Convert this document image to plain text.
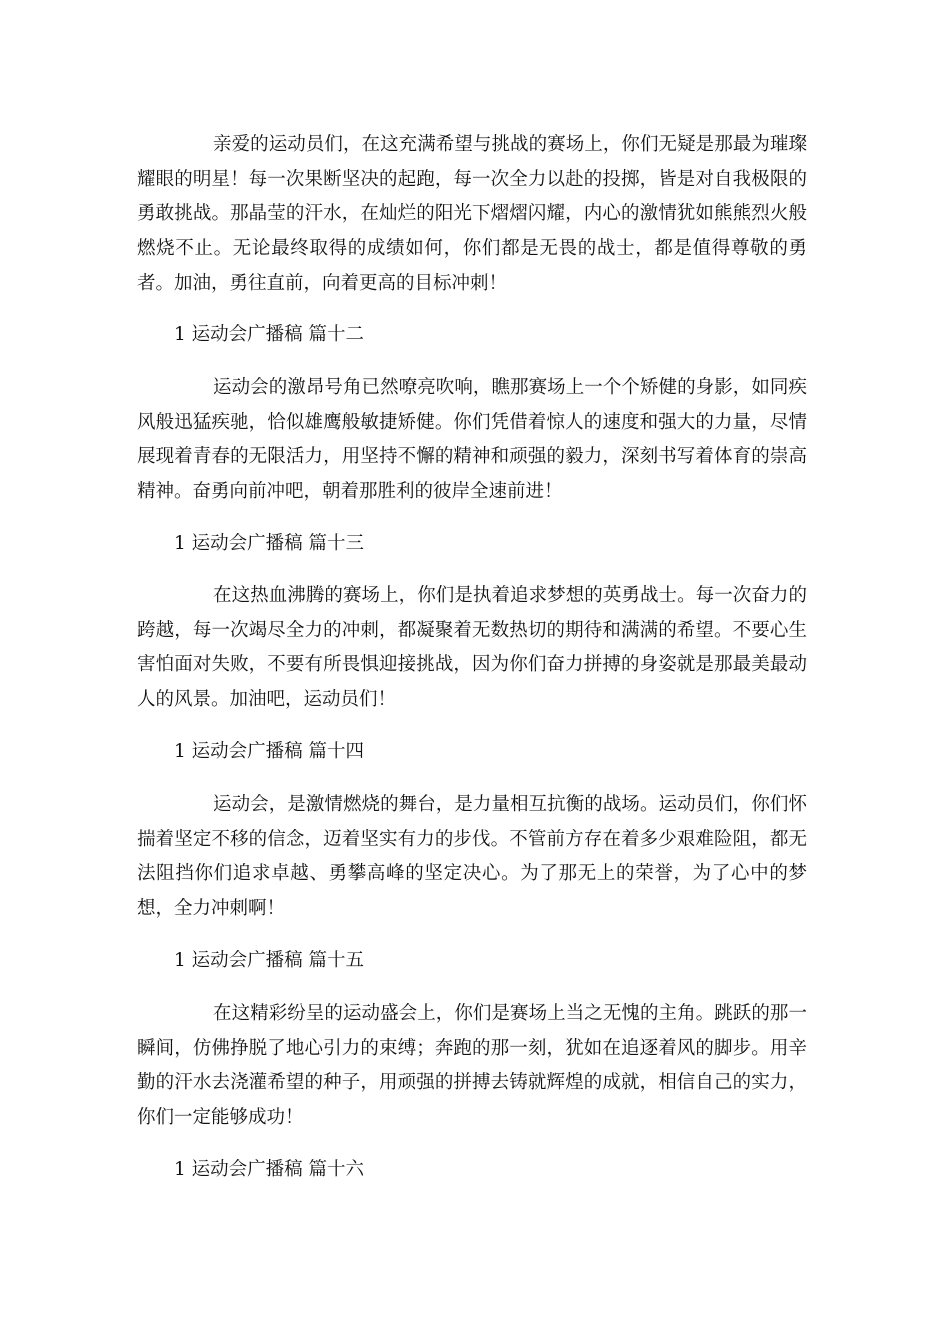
亲爱的运动员们，在这充满希望与挑战的赛场上，你们无疑是那最为璀璨耀眼的明星！每一次果断坚决的起跑，每一次全力以赴的投掷，皆是对自我极限的勇敢挑战。那晶莹的汗水，在灿烂的阳光下熠熠闪耀，内心的激情犹如熊熊烈火般燃烧不止。无论最终取得的成绩如何，你们都是无畏的战士，都是值得尊敬的勇者。加油，勇往直前，向着更高的目标冲刺！

1 运动会广播稿 篇十二

运动会的激昂号角已然嘹亮吹响，瞧那赛场上一个个矫健的身影，如同疾风般迅猛疾驰，恰似雄鹰般敏捷矫健。你们凭借着惊人的速度和强大的力量，尽情展现着青春的无限活力，用坚持不懈的精神和顽强的毅力，深刻书写着体育的崇高精神。奋勇向前冲吧，朝着那胜利的彼岸全速前进！

1 运动会广播稿 篇十三

在这热血沸腾的赛场上，你们是执着追求梦想的英勇战士。每一次奋力的跨越，每一次竭尽全力的冲刺，都凝聚着无数热切的期待和满满的希望。不要心生害怕面对失败，不要有所畏惧迎接挑战，因为你们奋力拼搏的身姿就是那最美最动人的风景。加油吧，运动员们！

1 运动会广播稿 篇十四

运动会，是激情燃烧的舞台，是力量相互抗衡的战场。运动员们，你们怀揣着坚定不移的信念，迈着坚实有力的步伐。不管前方存在着多少艰难险阻，都无法阻挡你们追求卓越、勇攀高峰的坚定决心。为了那无上的荣誉，为了心中的梦想，全力冲刺啊！

1 运动会广播稿 篇十五

在这精彩纷呈的运动盛会上，你们是赛场上当之无愧的主角。跳跃的那一瞬间，仿佛挣脱了地心引力的束缚；奔跑的那一刻，犹如在追逐着风的脚步。用辛勤的汗水去浇灌希望的种子，用顽强的拼搏去铸就辉煌的成就，相信自己的实力，你们一定能够成功！

1 运动会广播稿 篇十六
